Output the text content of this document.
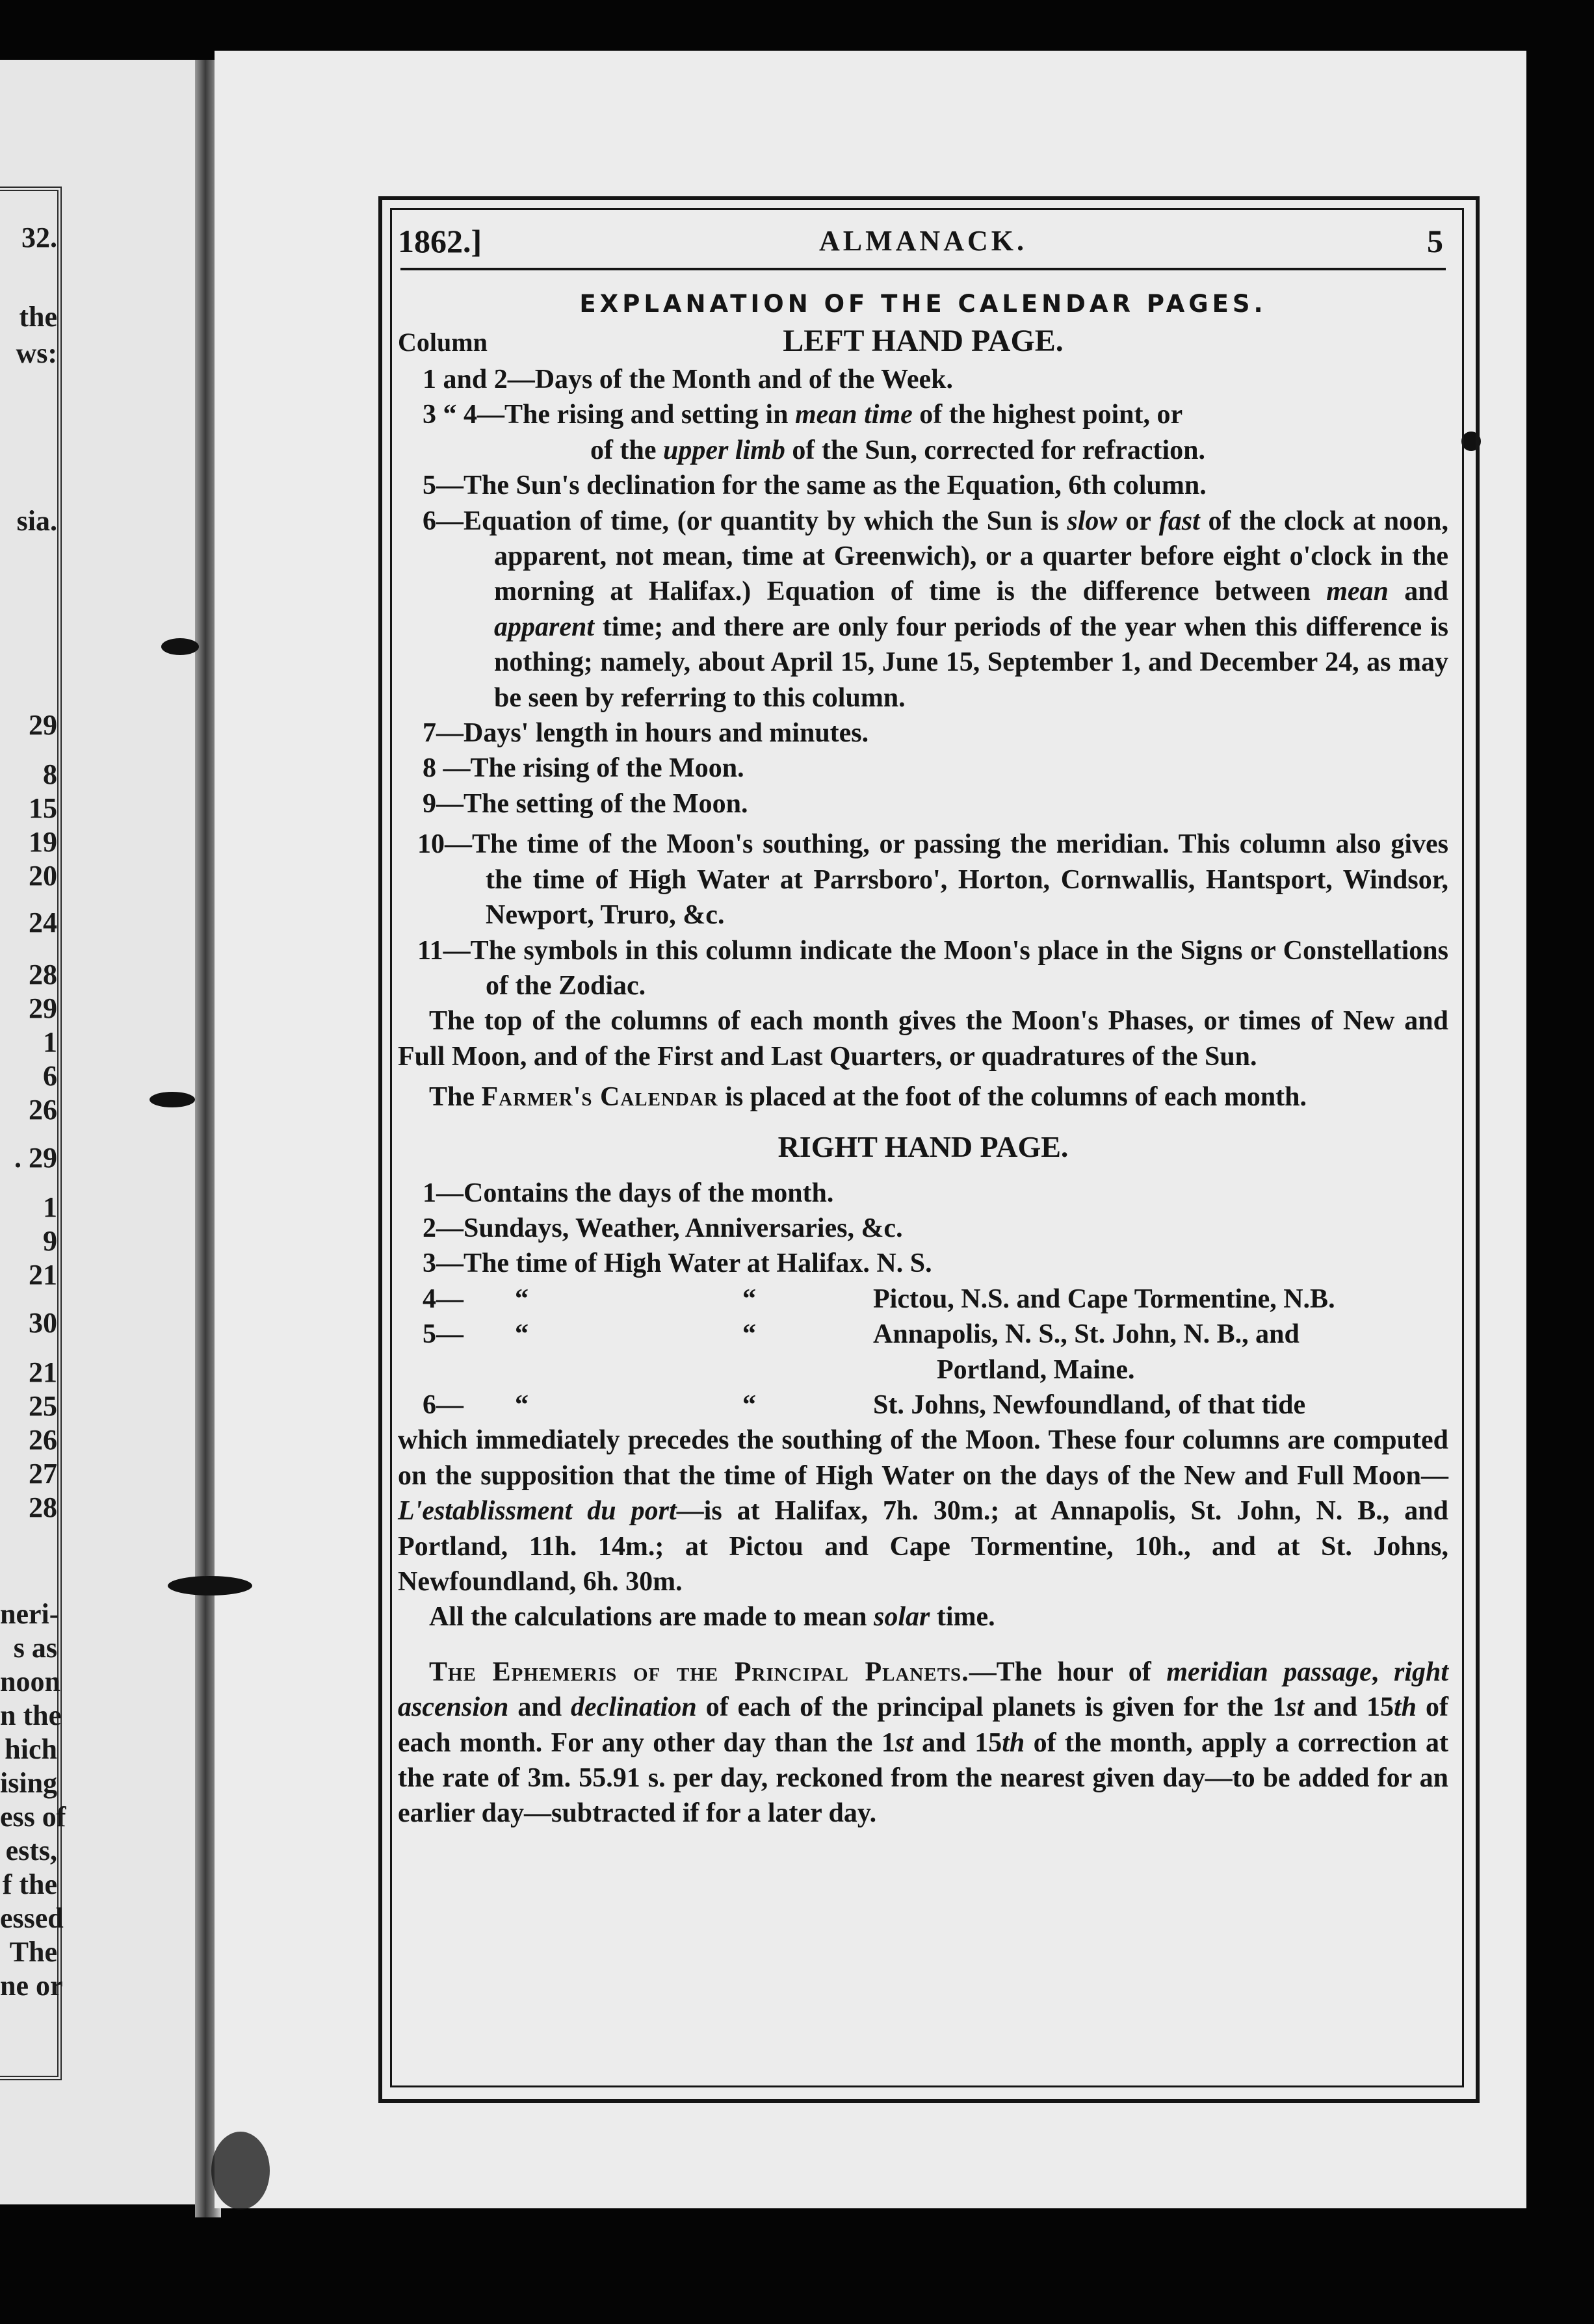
32.
the
ws:
sia.
29
8
15
19
20
24
28
29
1
6
26
. 29
1
9
21
30
21
25
26
27
28
neri-
s as
noon
n the
hich
ising
ess of
ests,
f the
essed
The
ne or
1862.]	ALMANACK.	5
EXPLANATION OF THE CALENDAR PAGES.
Column	LEFT HAND PAGE.
1 and 2—Days of the Month and of the Week.
3 “ 4—The rising and setting in mean time of the highest point, or
of the upper limb of the Sun, corrected for refraction.
5—The Sun's declination for the same as the Equation, 6th column.
6—Equation of time, (or quantity by which the Sun is slow or fast of the clock at noon, apparent, not mean, time at Greenwich), or a quarter before eight o'clock in the morning at Halifax.) Equation of time is the difference between mean and apparent time; and there are only four periods of the year when this difference is nothing; namely, about April 15, June 15, September 1, and December 24, as may be seen by referring to this column.
7—Days' length in hours and minutes.
8 —The rising of the Moon.
9—The setting of the Moon.
10—The time of the Moon's southing, or passing the meridian. This column also gives the time of High Water at Parrsboro', Horton, Cornwallis, Hantsport, Windsor, Newport, Truro, &c.
11—The symbols in this column indicate the Moon's place in the Signs or Constellations of the Zodiac.
The top of the columns of each month gives the Moon's Phases, or times of New and Full Moon, and of the First and Last Quarters, or quadratures of the Sun.
The Farmer's Calendar is placed at the foot of the columns of each month.
RIGHT HAND PAGE.
1—Contains the days of the month.
2—Sundays, Weather, Anniversaries, &c.
3—The time of High Water at Halifax. N. S.
4— “	“	Pictou, N.S. and Cape Tormentine, N.B.
5— “	“	Annapolis, N. S., St. John, N. B., and
Portland, Maine.
6— “	“	St. Johns, Newfoundland, of that tide
which immediately precedes the southing of the Moon. These four columns are computed on the supposition that the time of High Water on the days of the New and Full Moon—L'establissment du port—is at Halifax, 7h. 30m.; at Annapolis, St. John, N. B., and Portland, 11h. 14m.; at Pictou and Cape Tormentine, 10h., and at St. Johns, Newfoundland, 6h. 30m.
All the calculations are made to mean solar time.
The Ephemeris of the Principal Planets.—The hour of meridian passage, right ascension and declination of each of the principal planets is given for the 1st and 15th of each month. For any other day than the 1st and 15th of the month, apply a correction at the rate of 3m. 55.91 s. per day, reckoned from the nearest given day—to be added for an earlier day—subtracted if for a later day.
